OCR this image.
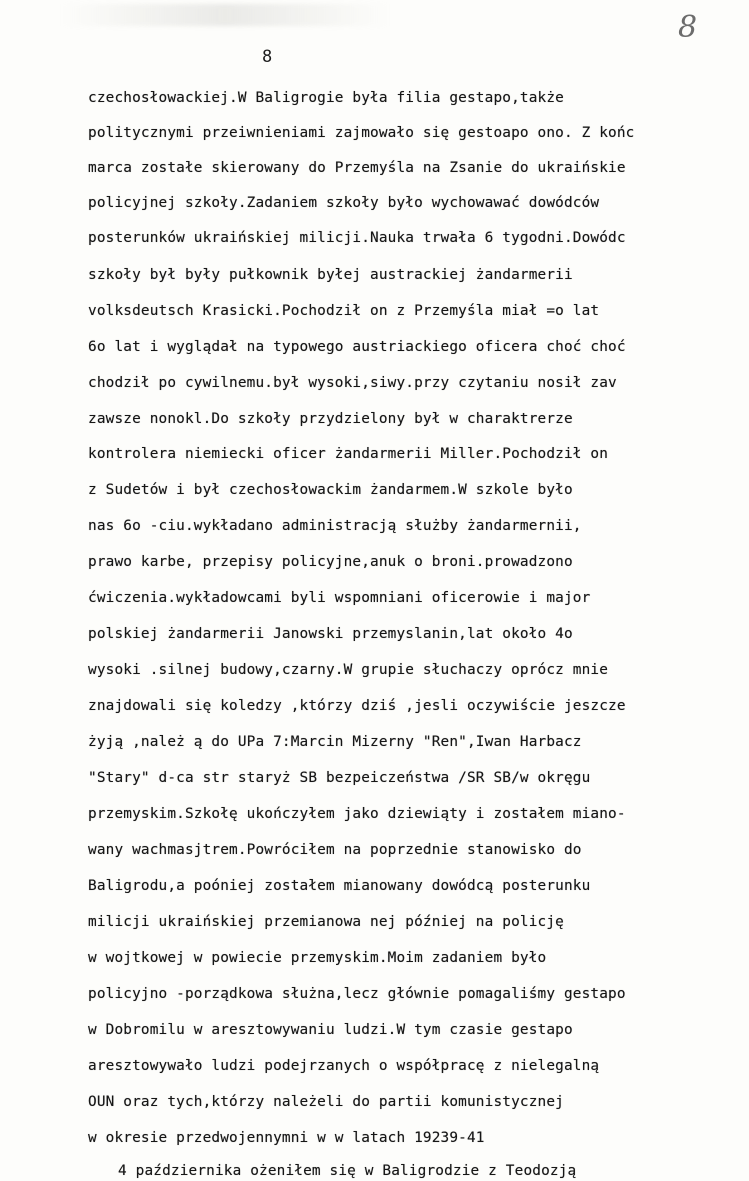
8
8
czechosłowackiej.W Baligrogie była filia gestapo,także
politycznymi przeiwnieniami zajmowało się gestoapo ono. Z końc
marca zostałe skierowany do Przemyśla na Zsanie do ukraińskie
policyjnej szkoły.Zadaniem szkoły było wychowawać dowódców
posterunków ukraińskiej milicji.Nauka trwała 6 tygodni.Dowódc
szkoły był były pułkownik byłej austrackiej żandarmerii
volksdeutsch Krasicki.Pochodził on z Przemyśla miał =o lat
6o lat i wyglądał na typowego austriackiego oficera choć choć
chodził po cywilnemu.był wysoki,siwy.przy czytaniu nosił zav
zawsze nonokl.Do szkoły przydzielony był w charaktrerze
kontrolera niemiecki oficer żandarmerii Miller.Pochodził on
z Sudetów i był czechosłowackim żandarmem.W szkole było
nas 6o -ciu.wykładano administracją służby żandarmernii,
prawo karbe, przepisy policyjne,anuk o broni.prowadzono
ćwiczenia.wykładowcami byli wspomniani oficerowie i major
polskiej żandarmerii Janowski przemyslanin,lat około 4o
wysoki .silnej budowy,czarny.W grupie słuchaczy oprócz mnie
znajdowali się koledzy ,którzy dziś ,jesli oczywiście jeszcze
żyją ,należ ą do UPa 7:Marcin Mizerny "Ren",Iwan Harbacz
"Stary" d-ca str staryż SB bezpeiczeństwa /SR SB/w okręgu
przemyskim.Szkołę ukończyłem jako dziewiąty i zostałem miano-
wany wachmasjtrem.Powróciłem na poprzednie stanowisko do
Baligrodu,a poóniej zostałem mianowany dowódcą posterunku
milicji ukraińskiej przemianowa nej później na policję
w wojtkowej w powiecie przemyskim.Moim zadaniem było
policyjno -porządkowa służna,lecz głównie pomagaliśmy gestapo
w Dobromilu w aresztowywaniu ludzi.W tym czasie gestapo
aresztowywało ludzi podejrzanych o współpracę z nielegalną
OUN oraz tych,którzy należeli do partii komunistycznej
w okresie przedwojennymni w w latach 19239-41
4 października ożeniłem się w Baligrodzie z Teodozją
